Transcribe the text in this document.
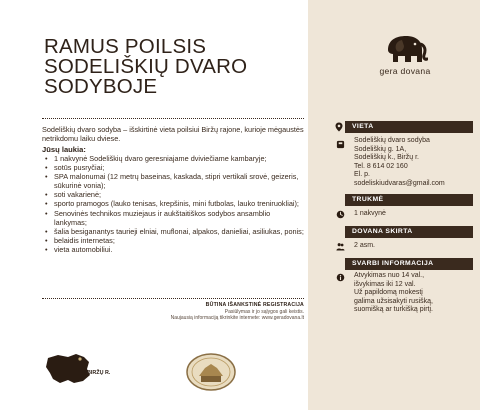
RAMUS POILSIS
SODELIŠKIŲ DVARO
SODYBOJE
Sodeliškių dvaro sodyba – išskirtinė vieta poilsiui Biržų rajone, kurioje mėgaustės netrikdomu laiku dviese.
Jūsų laukia:
• 1 nakvynė Sodeliškių dvaro geresniajame dviviečiame kambaryje;
• sotūs pusryčiai;
• SPA malonumai (12 metrų baseinas, kaskada, stipri vertikali srovė, geizeris, sūkurinė vonia);
• soti vakarienė;
• sporto pramogos (lauko tenisas, krepšinis, mini futbolas, lauko treniruokliai);
• Senovinės technikos muziejaus ir aukštaitiškos sodybos ansamblio lankymas;
• šalia besiganantys taurieji elniai, muflonai, alpakos, danieliai, asiliukas, ponis;
• belaidis internetas;
• vieta automobiliui.
BŪTINA IŠANKSTINĖ REGISTRACIJA
Pasiūlymas ir jo sąlygos gali keistis.
Naujausią informaciją tikrinkite internete: www.geradovana.lt
BIRŽŲ R.
gera dovana
VIETA
Sodeliškių dvaro sodyba
Sodeliškių g. 1A,
Sodeliškių k., Biržų r.
Tel. 8 614 02 160
El. p.
sodeliskiudvaras@gmail.com
TRUKMĖ
1 nakvynė
DOVANA SKIRTA
2 asm.
SVARBI INFORMACIJA
Atvykimas nuo 14 val.,
išvykimas iki 12 val.
Už papildomą mokestį
galima užsisakyti rusišką,
suomišką ar turkišką pirtį.
